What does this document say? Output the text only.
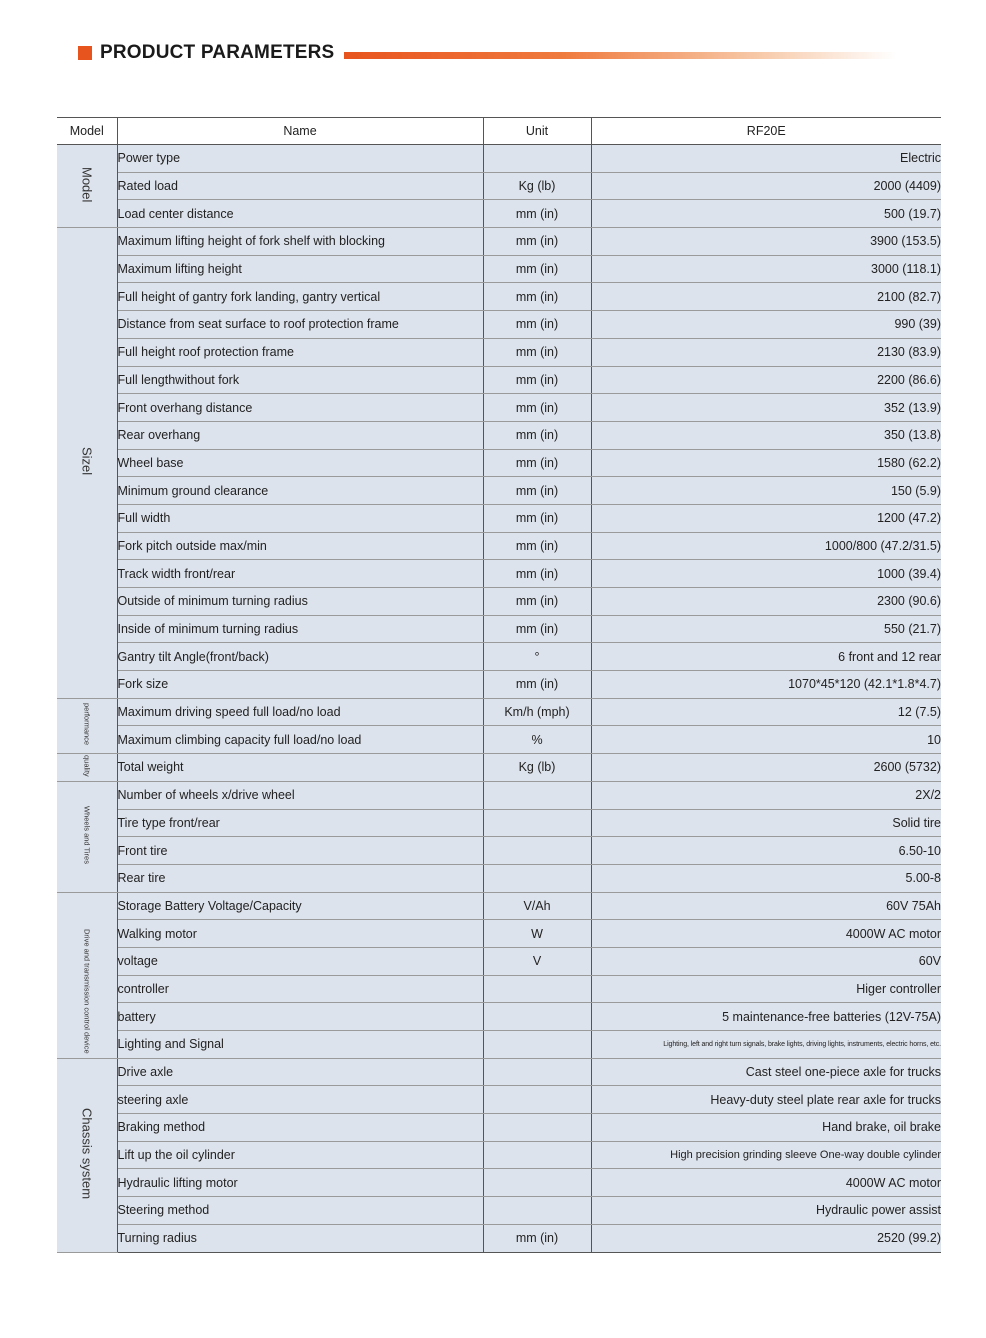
PRODUCT PARAMETERS
Model	Name	Unit	RF20E
Model	Power type		Electric
	Rated load	Kg (lb)	2000 (4409)
	Load center distance	mm (in)	500 (19.7)
Sizel	Maximum lifting height of fork shelf with blocking	mm (in)	3900 (153.5)
	Maximum lifting height	mm (in)	3000 (118.1)
	Full height of gantry fork landing, gantry vertical	mm (in)	2100 (82.7)
	Distance from seat surface to roof protection frame	mm (in)	990 (39)
	Full height roof protection frame	mm (in)	2130 (83.9)
	Full lengthwithout fork	mm (in)	2200 (86.6)
	Front overhang distance	mm (in)	352 (13.9)
	Rear overhang	mm (in)	350 (13.8)
	Wheel base	mm (in)	1580 (62.2)
	Minimum ground clearance	mm (in)	150 (5.9)
	Full width	mm (in)	1200 (47.2)
	Fork pitch outside max/min	mm (in)	1000/800 (47.2/31.5)
	Track width front/rear	mm (in)	1000 (39.4)
	Outside of minimum turning radius	mm (in)	2300 (90.6)
	Inside of minimum turning radius	mm (in)	550 (21.7)
	Gantry tilt Angle(front/back)	°	6 front and 12 rear
	Fork size	mm (in)	1070*45*120 (42.1*1.8*4.7)
performance	Maximum driving speed full load/no load	Km/h (mph)	12 (7.5)
	Maximum climbing capacity full load/no load	%	10
quality	Total weight	Kg (lb)	2600 (5732)
Wheels and Tires	Number of wheels x/drive wheel		2X/2
	Tire type front/rear		Solid tire
	Front tire		6.50-10
	Rear tire		5.00-8
Drive and transmission control device	Storage Battery Voltage/Capacity	V/Ah	60V 75Ah
	Walking motor	W	4000W AC motor
	voltage	V	60V
	controller		Higer controller
	battery		5 maintenance-free batteries (12V-75A)
	Lighting and Signal		Lighting, left and right turn signals, brake lights, driving lights, instruments, electric horns, etc.
Chassis system	Drive axle		Cast steel one-piece axle for trucks
	steering axle		Heavy-duty steel plate rear axle for trucks
	Braking method		Hand brake, oil brake
	Lift up the oil cylinder		High precision grinding sleeve One-way double cylinder
	Hydraulic lifting motor		4000W AC motor
	Steering method		Hydraulic power assist
	Turning radius	mm (in)	2520 (99.2)
